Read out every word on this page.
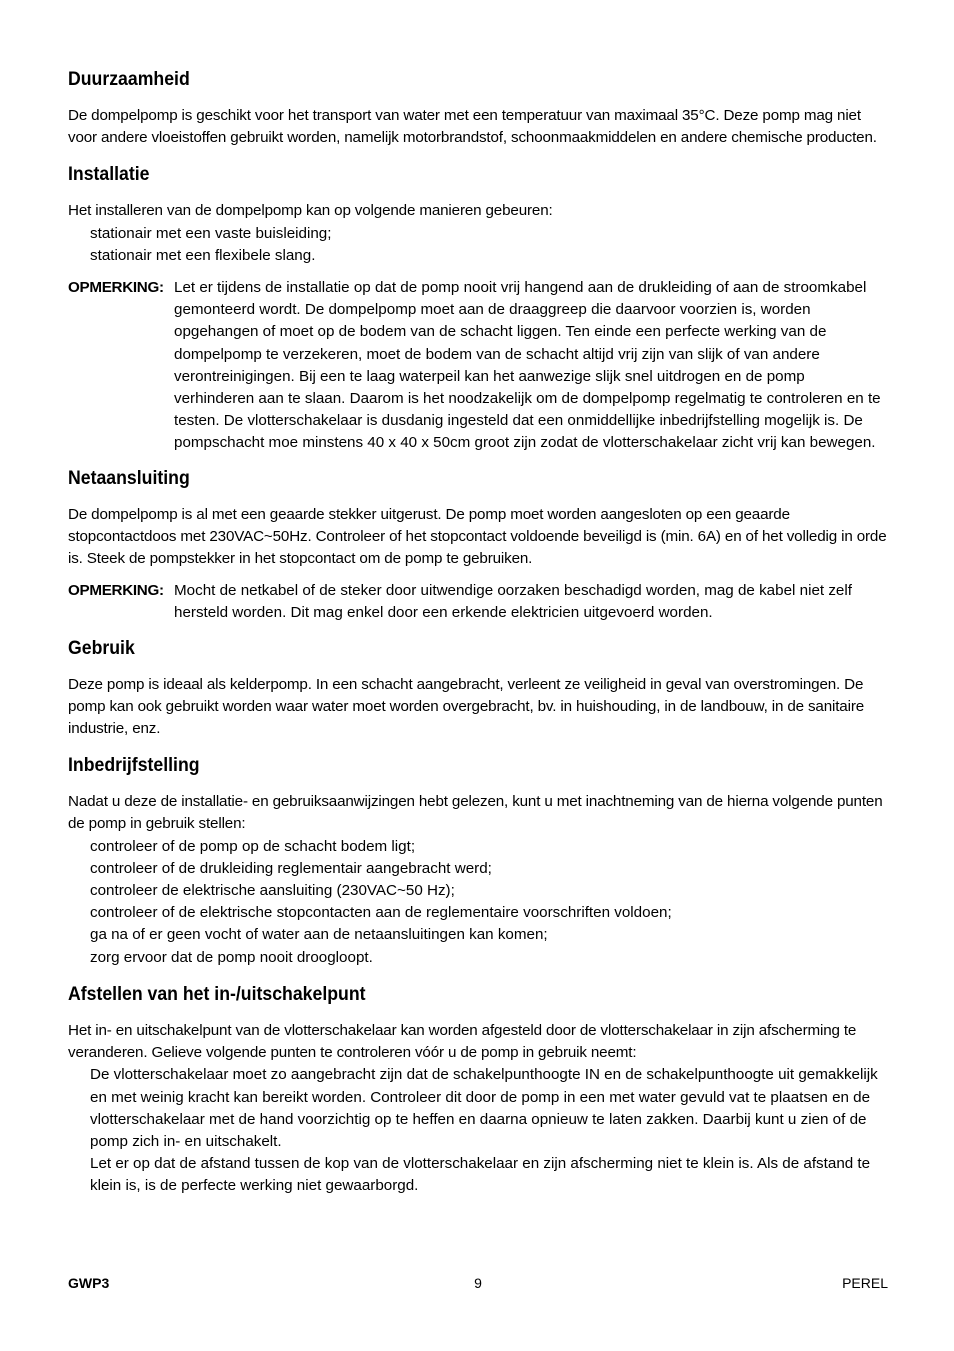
Duurzaamheid

De dompelpomp is geschikt voor het transport van water met een temperatuur van maximaal 35°C. Deze pomp mag niet voor andere vloeistoffen gebruikt worden, namelijk motorbrandstof, schoonmaakmiddelen en andere chemische producten.

Installatie

Het installeren van de dompelpomp kan op volgende manieren gebeuren:

stationair met een vaste buisleiding;
stationair met een flexibele slang.
OPMERKING: Let er tijdens de installatie op dat de pomp nooit vrij hangend aan de drukleiding of aan de stroomkabel gemonteerd wordt. De dompelpomp moet aan de draaggreep die daarvoor voorzien is, worden opgehangen of moet op de bodem van de schacht liggen. Ten einde een perfecte werking van de dompelpomp te verzekeren, moet de bodem van de schacht altijd vrij zijn van slijk of van andere verontreinigingen. Bij een te laag waterpeil kan het aanwezige slijk snel uitdrogen en de pomp verhinderen aan te slaan. Daarom is het noodzakelijk om de dompelpomp regelmatig te controleren en te testen. De vlotterschakelaar is dusdanig ingesteld dat een onmiddellijke inbedrijfstelling mogelijk is. De pompschacht moe minstens 40 x 40 x 50cm groot zijn zodat de vlotterschakelaar zicht vrij kan bewegen.
Netaansluiting

De dompelpomp is al met een geaarde stekker uitgerust. De pomp moet worden aangesloten op een geaarde stopcontactdoos met 230VAC~50Hz. Controleer of het stopcontact voldoende beveiligd is (min. 6A) en of het volledig in orde is. Steek de pompstekker in het stopcontact om de pomp te gebruiken.

OPMERKING: Mocht de netkabel of de steker door uitwendige oorzaken beschadigd worden, mag de kabel niet zelf hersteld worden. Dit mag enkel door een erkende elektricien uitgevoerd worden.
Gebruik

Deze pomp is ideaal als kelderpomp. In een schacht aangebracht, verleent ze veiligheid in geval van overstromingen. De pomp kan ook gebruikt worden waar water moet worden overgebracht, bv. in huishouding, in de landbouw, in de sanitaire industrie, enz.

Inbedrijfstelling

Nadat u deze de installatie- en gebruiksaanwijzingen hebt gelezen, kunt u met inachtneming van de hierna volgende punten de pomp in gebruik stellen:

controleer of de pomp op de schacht bodem ligt;
controleer of de drukleiding reglementair aangebracht werd;
controleer de elektrische aansluiting (230VAC~50 Hz);
controleer of de elektrische stopcontacten aan de reglementaire voorschriften voldoen;
ga na of er geen vocht of water aan de netaansluitingen kan komen;
zorg ervoor dat de pomp nooit droogloopt.
Afstellen van het in-/uitschakelpunt

Het in- en uitschakelpunt van de vlotterschakelaar kan worden afgesteld door de vlotterschakelaar in zijn afscherming te veranderen. Gelieve volgende punten te controleren vóór u de pomp in gebruik neemt:

De vlotterschakelaar moet zo aangebracht zijn dat de schakelpunthoogte IN en de schakelpunthoogte uit gemakkelijk en met weinig kracht kan bereikt worden. Controleer dit door de pomp in een met water gevuld vat te plaatsen en de vlotterschakelaar met de hand voorzichtig op te heffen en daarna opnieuw te laten zakken. Daarbij kunt u zien of de pomp zich in- en uitschakelt.
Let er op dat de afstand tussen de kop van de vlotterschakelaar en zijn afscherming niet te klein is. Als de afstand te klein is, is de perfecte werking niet gewaarborgd.
GWP3	9	PEREL
